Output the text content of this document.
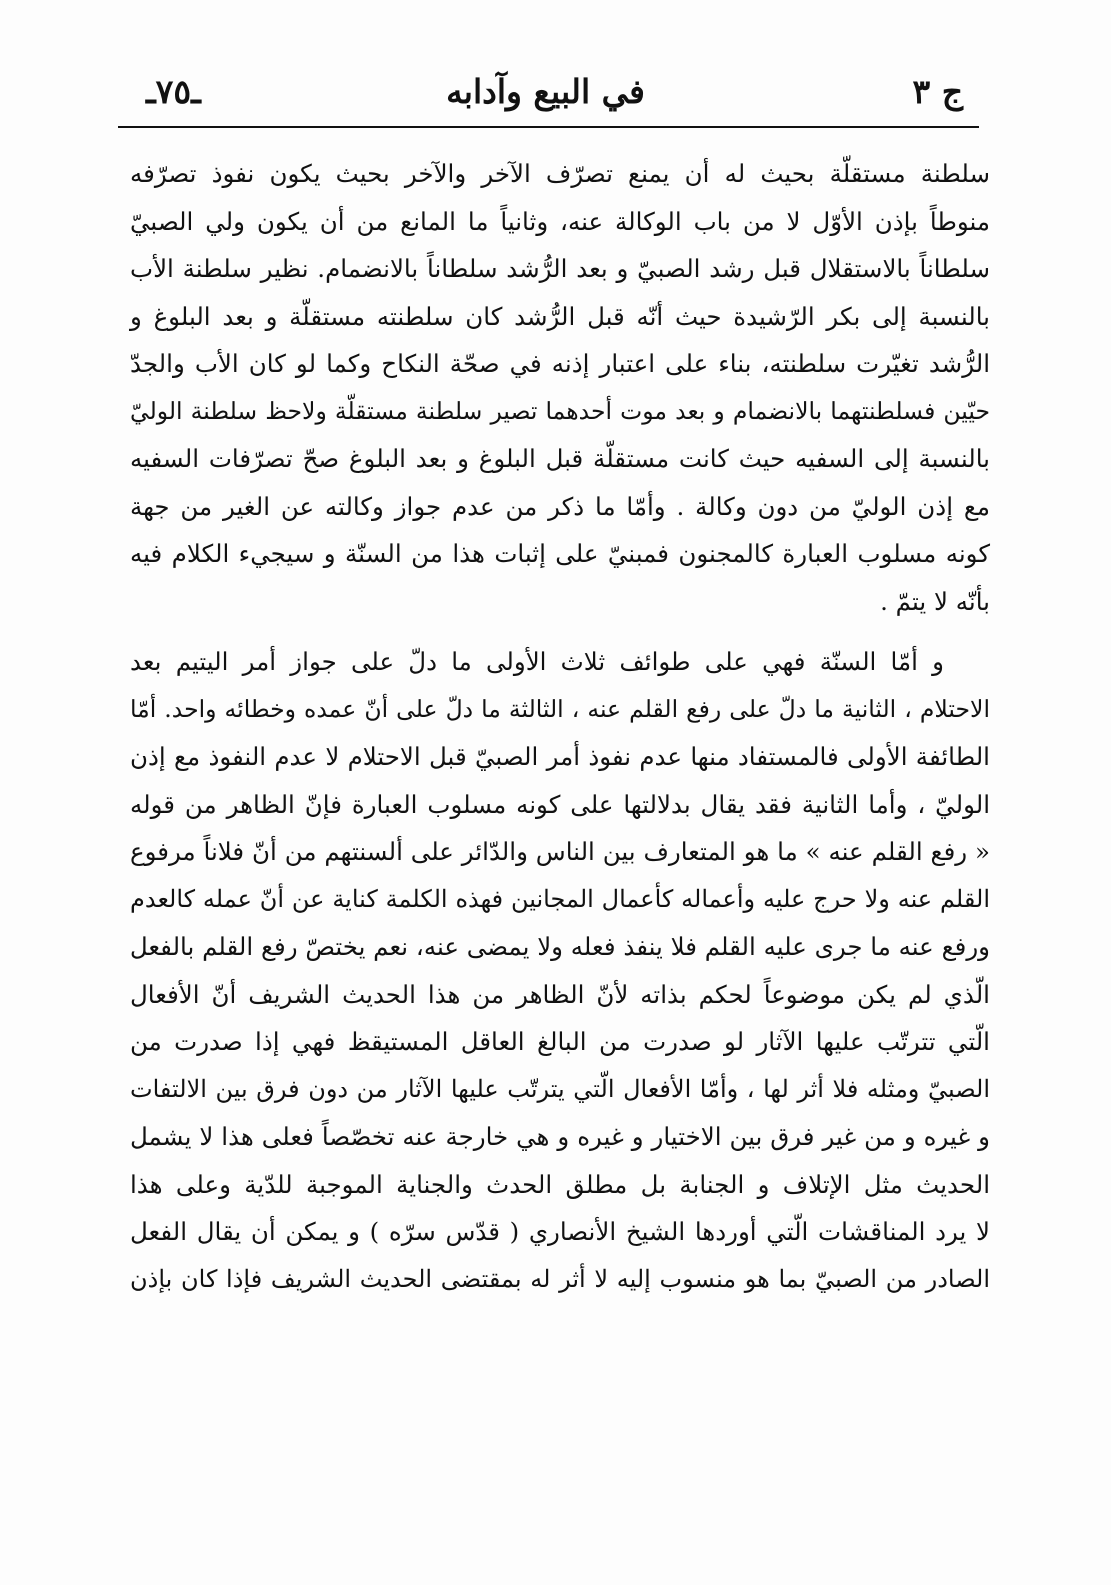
ج ٣
في البيع وآدابه
ـ٧٥ـ
سلطنة مستقلّة بحيث له أن يمنع تصرّف الآخر والآخر بحيث يكون نفوذ تصرّفه
منوطاً بإذن الأوّل لا من باب الوكالة عنه، وثانياً ما المانع من أن يكون ولي الصبيّ
سلطاناً بالاستقلال قبل رشد الصبيّ و بعد الرُّشد سلطاناً بالانضمام. نظير سلطنة الأب
بالنسبة إلى بكر الرّشيدة حيث أنّه قبل الرُّشد كان سلطنته مستقلّة و بعد البلوغ و
الرُّشد تغيّرت سلطنته، بناء على اعتبار إذنه في صحّة النكاح وكما لو كان الأب والجدّ
حيّين فسلطنتهما بالانضمام و بعد موت أحدهما تصير سلطنة مستقلّة ولاحظ سلطنة الوليّ
بالنسبة إلى السفيه حيث كانت مستقلّة قبل البلوغ و بعد البلوغ صحّ تصرّفات السفيه
مع إذن الوليّ من دون وكالة . وأمّا ما ذكر من عدم جواز وكالته عن الغير من جهة
كونه مسلوب العبارة كالمجنون فمبنيّ على إثبات هذا من السنّة و سيجيء الكلام فيه
بأنّه لا يتمّ .
و أمّا السنّة فهي على طوائف ثلاث الأولى ما دلّ على جواز أمر اليتيم بعد
الاحتلام ، الثانية ما دلّ على رفع القلم عنه ، الثالثة ما دلّ على أنّ عمده وخطائه واحد. أمّا
الطائفة الأولى فالمستفاد منها عدم نفوذ أمر الصبيّ قبل الاحتلام لا عدم النفوذ مع إذن
الوليّ ، وأما الثانية فقد يقال بدلالتها على كونه مسلوب العبارة فإنّ الظاهر من قوله
« رفع القلم عنه » ما هو المتعارف بين الناس والدّائر على ألسنتهم من أنّ فلاناً مرفوع
القلم عنه ولا حرج عليه وأعماله كأعمال المجانين فهذه الكلمة كناية عن أنّ عمله كالعدم
ورفع عنه ما جرى عليه القلم فلا ينفذ فعله ولا يمضى عنه، نعم يختصّ رفع القلم بالفعل
الّذي لم يكن موضوعاً لحكم بذاته لأنّ الظاهر من هذا الحديث الشريف أنّ الأفعال
الّتي تترتّب عليها الآثار لو صدرت من البالغ العاقل المستيقظ فهي إذا صدرت من
الصبيّ ومثله فلا أثر لها ، وأمّا الأفعال الّتي يترتّب عليها الآثار من دون فرق بين الالتفات
و غيره و من غير فرق بين الاختيار و غيره و هي خارجة عنه تخصّصاً فعلى هذا لا يشمل
الحديث مثل الإتلاف و الجنابة بل مطلق الحدث والجناية الموجبة للدّية وعلى هذا
لا يرد المناقشات الّتي أوردها الشيخ الأنصاري ( قدّس سرّه ) و يمكن أن يقال الفعل
الصادر من الصبيّ بما هو منسوب إليه لا أثر له بمقتضى الحديث الشريف فإذا كان بإذن
